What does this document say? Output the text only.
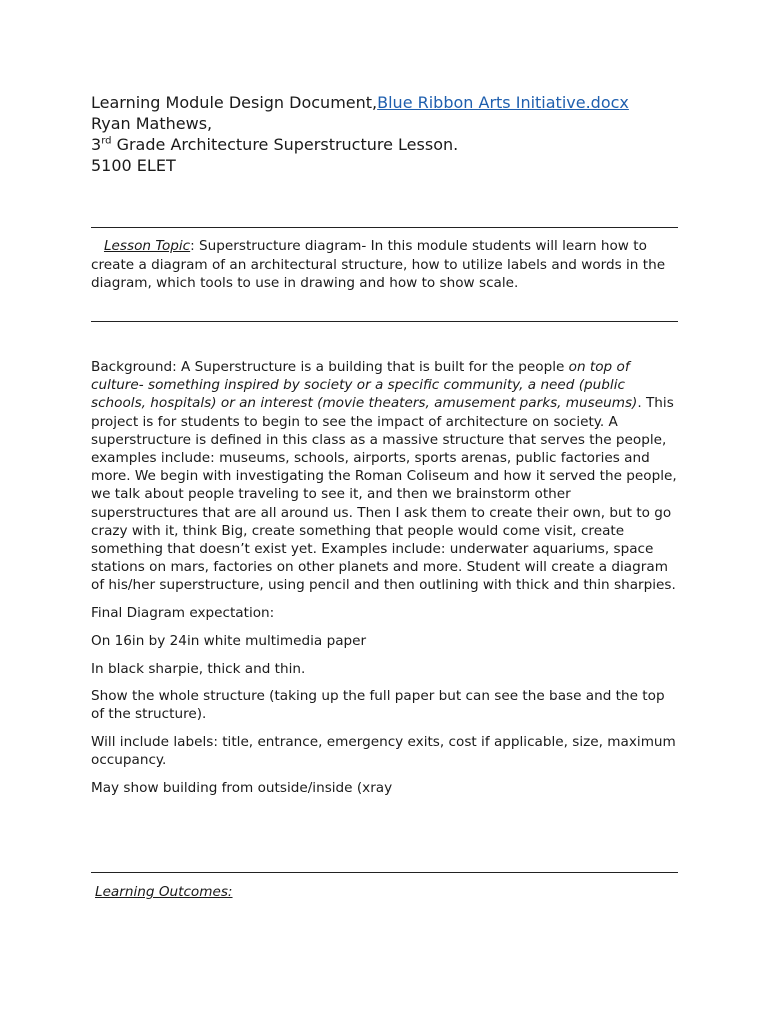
Learning Module Design Document,Blue Ribbon Arts Initiative.docx
Ryan Mathews,
3rd Grade Architecture Superstructure Lesson.
5100 ELET
Lesson Topic: Superstructure diagram- In this module students will learn how to create a diagram of an architectural structure, how to utilize labels and words in the diagram, which tools to use in drawing and how to show scale.

Background: A Superstructure is a building that is built for the people on top of culture- something inspired by society or a specific community, a need (public schools, hospitals) or an interest (movie theaters, amusement parks, museums). This project is for students to begin to see the impact of architecture on society. A superstructure is defined in this class as a massive structure that serves the people, examples include: museums, schools, airports, sports arenas, public factories and more. We begin with investigating the Roman Coliseum and how it served the people, we talk about people traveling to see it, and then we brainstorm other superstructures that are all around us. Then I ask them to create their own, but to go crazy with it, think Big, create something that people would come visit, create something that doesn’t exist yet. Examples include: underwater aquariums, space stations on mars, factories on other planets and more. Student will create a diagram of his/her superstructure, using pencil and then outlining with thick and thin sharpies.

Final Diagram expectation:

On 16in by 24in white multimedia paper

In black sharpie, thick and thin.

Show the whole structure (taking up the full paper but can see the base and the top of the structure).

Will include labels: title, entrance, emergency exits, cost if applicable, size, maximum occupancy.

May show building from outside/inside (xray

Learning Outcomes:
